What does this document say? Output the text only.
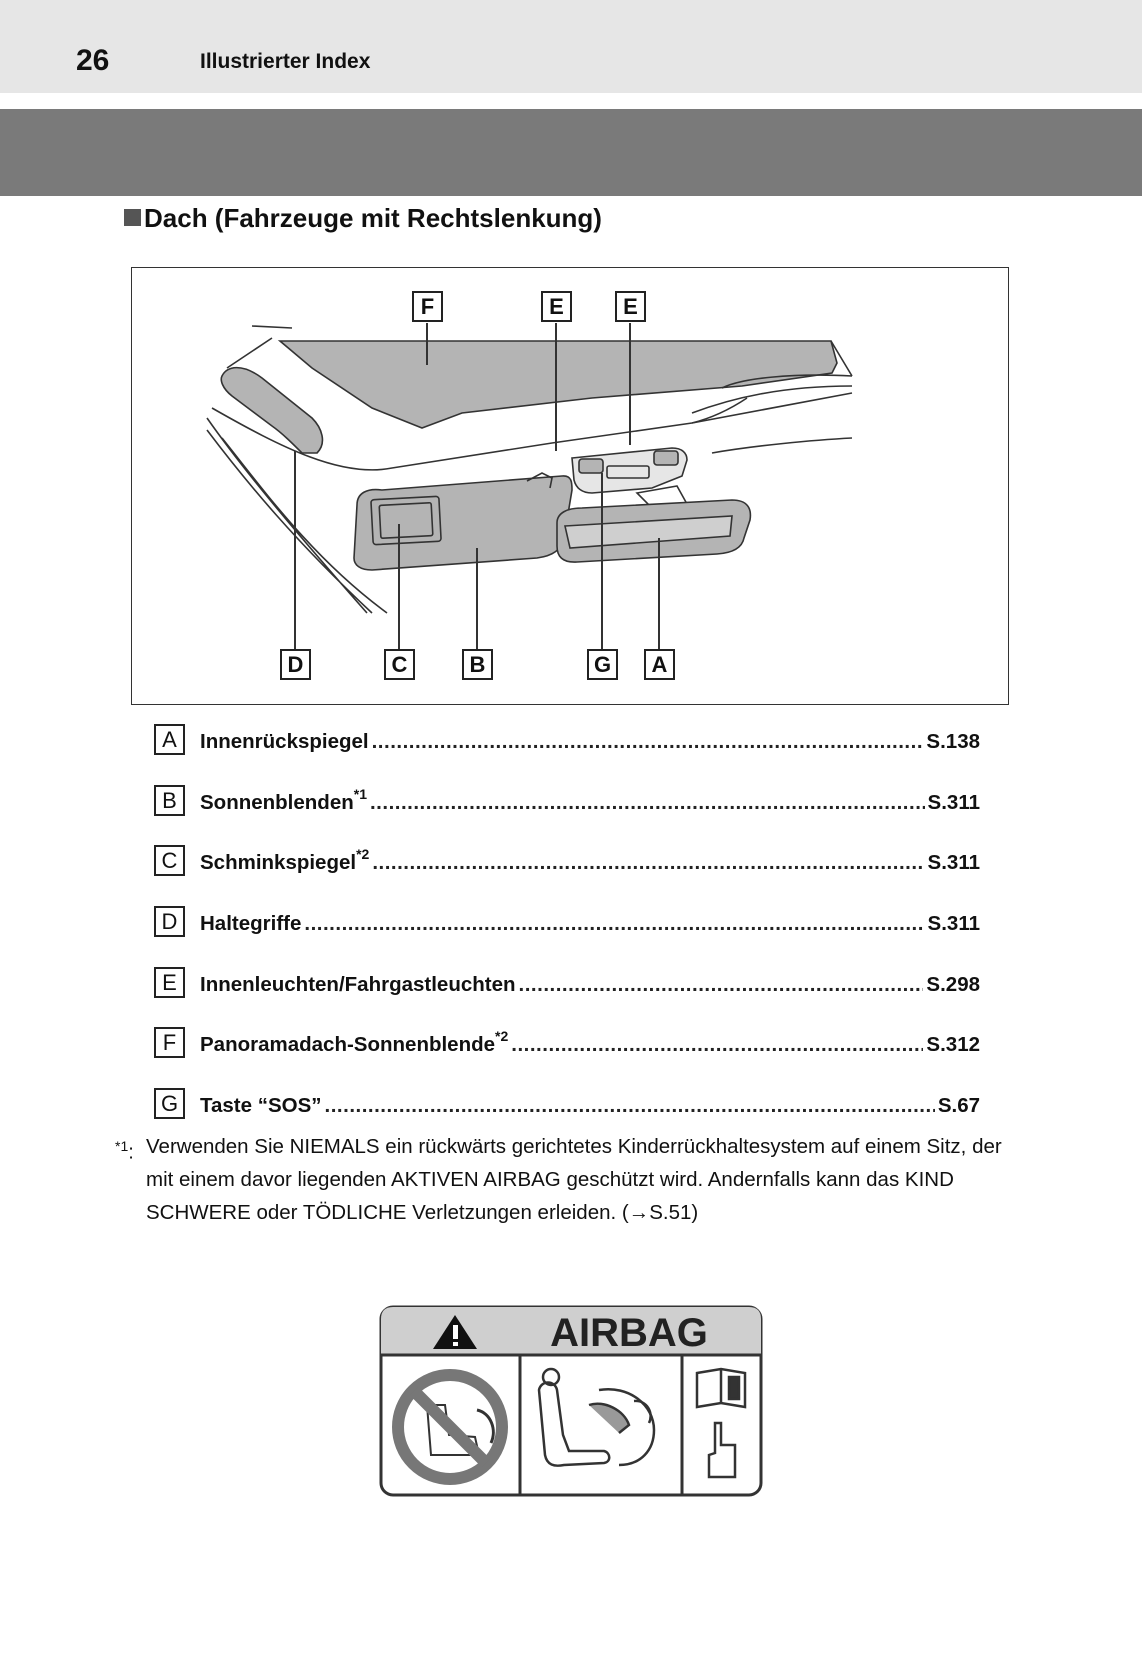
26	Illustrierter Index
Dach (Fahrzeuge mit Rechtslenkung)
F	E	E
D	C	B	G	A
A	Innenrückspiegel .....	S.138
B	Sonnenblenden$^{*1}$ .....	S.311
C	Schminkspiegel$^{*2}$ .....	S.311
D	Haltegriffe .....	S.311
E	Innenleuchten/Fahrgastleuchten .....	S.298
F	Panoramadach-Sonnenblende$^{*2}$ .....	S.312
G	Taste “SOS” .....	S.67
$^{*1}$: Verwenden Sie NIEMALS ein rückwärts gerichtetes Kinderrückhaltesystem auf einem Sitz, der mit einem davor liegenden AKTIVEN AIRBAG geschützt wird. Andernfalls kann das KIND SCHWERE oder TÖDLICHE Verletzungen erleiden. (→S.51)
AIRBAG
